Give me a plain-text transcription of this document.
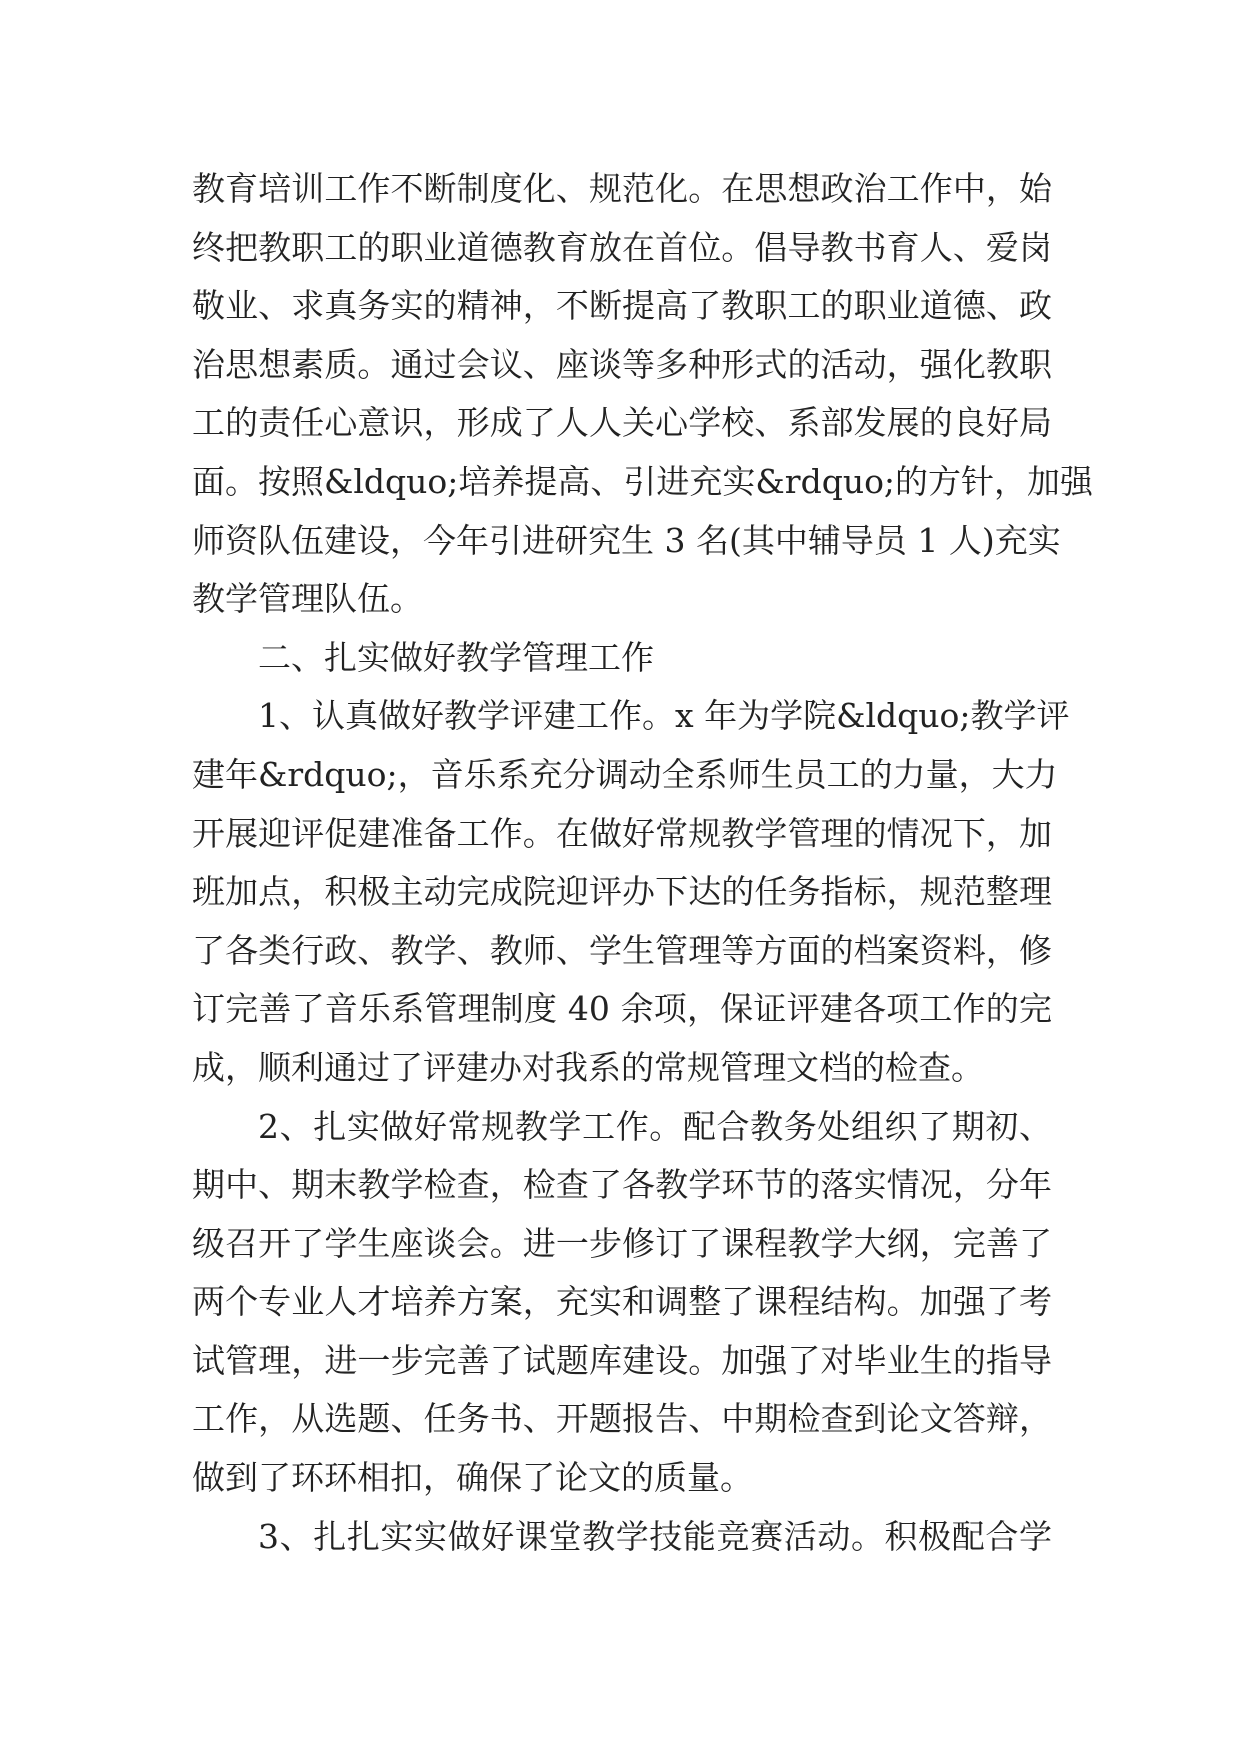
教育培训工作不断制度化、规范化。在思想政治工作中，始
终把教职工的职业道德教育放在首位。倡导教书育人、爱岗
敬业、求真务实的精神，不断提高了教职工的职业道德、政
治思想素质。通过会议、座谈等多种形式的活动，强化教职
工的责任心意识，形成了人人关心学校、系部发展的良好局
面。按照&ldquo;培养提高、引进充实&rdquo;的方针，加强
师资队伍建设，今年引进研究生 3 名(其中辅导员 1 人)充实
教学管理队伍。
二、扎实做好教学管理工作
1、认真做好教学评建工作。x 年为学院&ldquo;教学评
建年&rdquo;，音乐系充分调动全系师生员工的力量，大力
开展迎评促建准备工作。在做好常规教学管理的情况下，加
班加点，积极主动完成院迎评办下达的任务指标，规范整理
了各类行政、教学、教师、学生管理等方面的档案资料，修
订完善了音乐系管理制度 40 余项，保证评建各项工作的完
成，顺利通过了评建办对我系的常规管理文档的检查。
2、扎实做好常规教学工作。配合教务处组织了期初、
期中、期末教学检查，检查了各教学环节的落实情况，分年
级召开了学生座谈会。进一步修订了课程教学大纲，完善了
两个专业人才培养方案，充实和调整了课程结构。加强了考
试管理，进一步完善了试题库建设。加强了对毕业生的指导
工作，从选题、任务书、开题报告、中期检查到论文答辩，
做到了环环相扣，确保了论文的质量。
3、扎扎实实做好课堂教学技能竞赛活动。积极配合学
